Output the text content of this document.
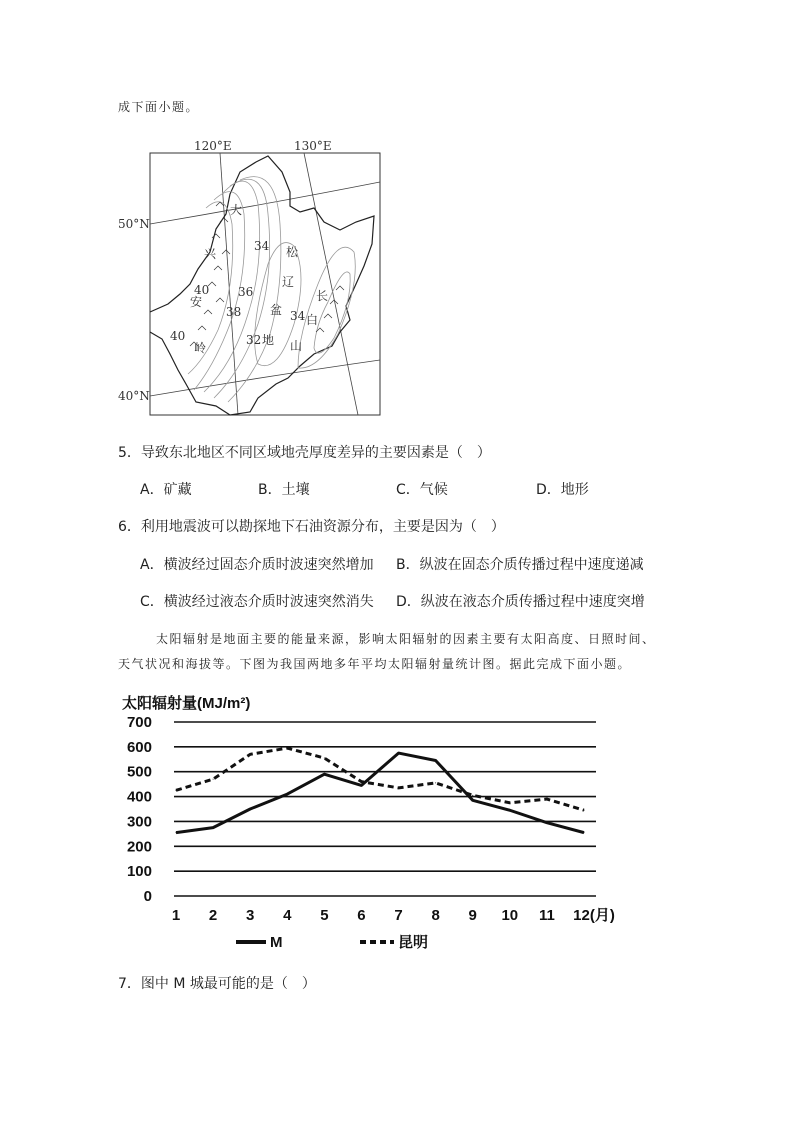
成下面小题。
120°E	130°E
50°N
40°N
大
兴
安
岭
松
辽
盆
地
长
白
山
34
40 36
38
40	32
34
5．导致东北地区不同区域地壳厚度差异的主要因素是（　）
A．矿藏	B．土壤	C．气候	D．地形
6．利用地震波可以勘探地下石油资源分布，主要是因为（　）
A．横波经过固态介质时波速突然增加 B．纵波在固态介质传播过程中速度递减
C．横波经过液态介质时波速突然消失 D．纵波在液态介质传播过程中速度突增
太阳辐射是地面主要的能量来源，影响太阳辐射的因素主要有太阳高度、日照时间、
天气状况和海拔等。下图为我国两地多年平均太阳辐射量统计图。据此完成下面小题。
太阳辐射量(MJ/m²)
0
100
200
300
400
500
600
700
1 2 3 4 5 6 7 8 9 10 11 12(月)
M	昆明
7．图中 M 城最可能的是（　）
